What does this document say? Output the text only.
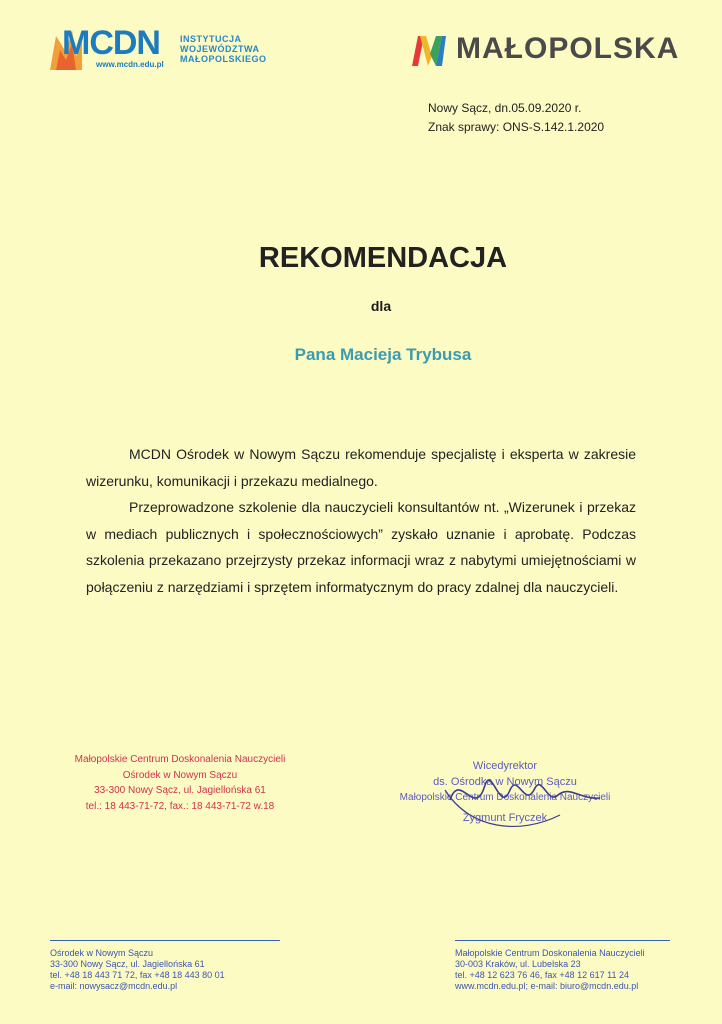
MCDN
www.mcdn.edu.pl
INSTYTUCJA
WOJEWÓDZTWA
MAŁOPOLSKIEGO	MAŁOPOLSKA
Nowy Sącz, dn.05.09.2020 r.
Znak sprawy: ONS-S.142.1.2020
REKOMENDACJA
dla
Pana Macieja Trybusa

MCDN Ośrodek w Nowym Sączu rekomenduje specjalistę i eksperta w zakresie wizerunku, komunikacji i przekazu medialnego.

Przeprowadzone szkolenie dla nauczycieli konsultantów nt. „Wizerunek i przekaz w mediach publicznych i społecznościowych” zyskało uznanie i aprobatę. Podczas szkolenia przekazano przejrzysty przekaz informacji wraz z nabytymi umiejętnościami w połączeniu z narzędziami i sprzętem informatycznym do pracy zdalnej dla nauczycieli.

Małopolskie Centrum Doskonalenia Nauczycieli
Ośrodek w Nowym Sączu
33-300 Nowy Sącz, ul. Jagiellońska 61
tel.: 18 443-71-72, fax.: 18 443-71-72 w.18
Wicedyrektor
ds. Ośrodka w Nowym Sączu
Małopolskie Centrum Doskonalenia Nauczycieli
Zygmunt Fryczek
Ośrodek w Nowym Sączu
33-300 Nowy Sącz, ul. Jagiellońska 61
tel. +48 18 443 71 72, fax +48 18 443 80 01
e-mail: nowysacz@mcdn.edu.pl
Małopolskie Centrum Doskonalenia Nauczycieli
30-003 Kraków, ul. Lubelska 23
tel. +48 12 623 76 46, fax +48 12 617 11 24
www.mcdn.edu.pl; e-mail: biuro@mcdn.edu.pl
